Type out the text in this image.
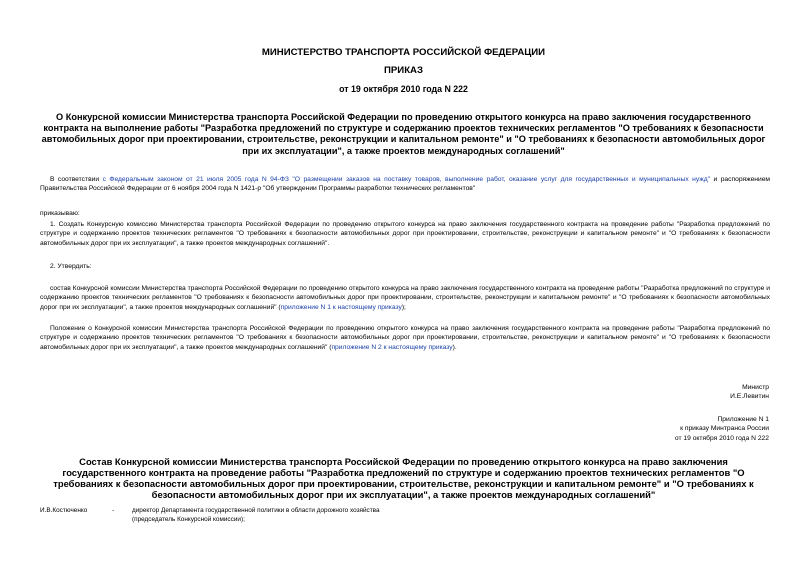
МИНИСТЕРСТВО ТРАНСПОРТА РОССИЙСКОЙ ФЕДЕРАЦИИ
ПРИКАЗ
от 19 октября 2010 года N 222
О Конкурсной комиссии Министерства транспорта Российской Федерации по проведению открытого конкурса на право заключения государственного контракта на выполнение работы "Разработка предложений по структуре и содержанию проектов технических регламентов "О требованиях к безопасности автомобильных дорог при проектировании, строительстве, реконструкции и капитальном ремонте" и "О требованиях к безопасности автомобильных дорог при их эксплуатации", а также проектов международных соглашений"
В соответствии с Федеральным законом от 21 июля 2005 года N 94-ФЗ "О размещении заказов на поставку товаров, выполнение работ, оказание услуг для государственных и муниципальных нужд" и распоряжением Правительства Российской Федерации от 6 ноября 2004 года N 1421-р "Об утверждении Программы разработки технических регламентов"
приказываю:
1. Создать Конкурсную комиссию Министерства транспорта Российской Федерации по проведению открытого конкурса на право заключения государственного контракта на проведение работы "Разработка предложений по структуре и содержанию проектов технических регламентов "О требованиях к безопасности автомобильных дорог при проектировании, строительстве, реконструкции и капитальном ремонте" и "О требованиях к безопасности автомобильных дорог при их эксплуатации", а также проектов международных соглашений".
2. Утвердить:
состав Конкурсной комиссии Министерства транспорта Российской Федерации по проведению открытого конкурса на право заключения государственного контракта на проведение работы "Разработка предложений по структуре и содержанию проектов технических регламентов "О требованиях к безопасности автомобильных дорог при проектировании, строительстве, реконструкции и капитальном ремонте" и "О требованиях к безопасности автомобильных дорог при их эксплуатации", а также проектов международных соглашений" (приложение N 1 к настоящему приказу);
Положение о Конкурсной комиссии Министерства транспорта Российской Федерации по проведению открытого конкурса на право заключения государственного контракта на проведение работы "Разработка предложений по структуре и содержанию проектов технических регламентов "О требованиях к безопасности автомобильных дорог при проектировании, строительстве, реконструкции и капитальном ремонте" и "О требованиях к безопасности автомобильных дорог при их эксплуатации", а также проектов международных соглашений" (приложение N 2 к настоящему приказу).
Министр
И.Е.Левитин
Приложение N 1
к приказу Минтранса России
от 19 октября 2010 года N 222
Состав Конкурсной комиссии Министерства транспорта Российской Федерации по проведению открытого конкурса на право заключения государственного контракта на проведение работы "Разработка предложений по структуре и содержанию проектов технических регламентов "О требованиях к безопасности автомобильных дорог при проектировании, строительстве, реконструкции и капитальном ремонте" и "О требованиях к безопасности автомобильных дорог при их эксплуатации", а также проектов международных соглашений"
И.В.Костюченко	-	директор Департамента государственной политики в области дорожного хозяйства (председатель Конкурсной комиссии);
